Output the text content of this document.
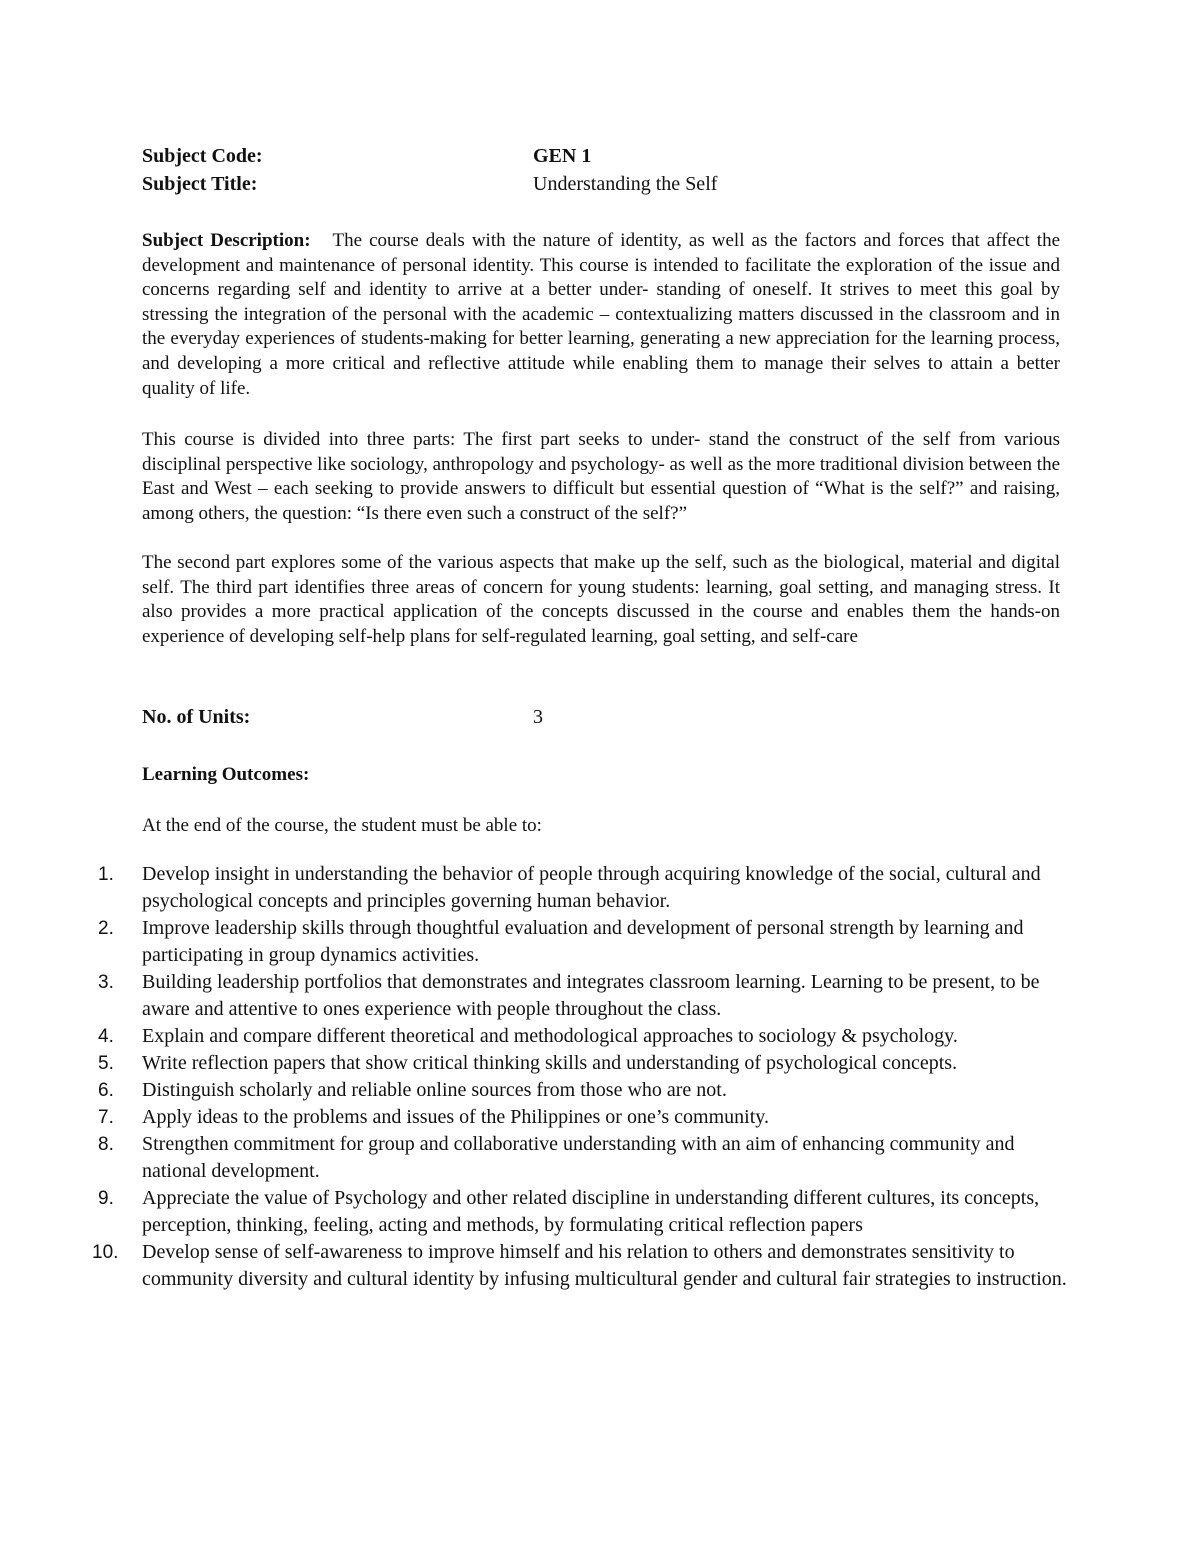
Subject Code:	GEN 1
Subject Title:	Understanding the Self

Subject Description: The course deals with the nature of identity, as well as the factors and forces that affect the development and maintenance of personal identity. This course is intended to facilitate the exploration of the issue and concerns regarding self and identity to arrive at a better under- standing of oneself. It strives to meet this goal by stressing the integration of the personal with the academic – contextualizing matters discussed in the classroom and in the everyday experiences of students-making for better learning, generating a new appreciation for the learning process, and developing a more critical and reflective attitude while enabling them to manage their selves to attain a better quality of life.

This course is divided into three parts: The first part seeks to under- stand the construct of the self from various disciplinal perspective like sociology, anthropology and psychology- as well as the more traditional division between the East and West – each seeking to provide answers to difficult but essential question of “What is the self?” and raising, among others, the question: “Is there even such a construct of the self?”

The second part explores some of the various aspects that make up the self, such as the biological, material and digital self. The third part identifies three areas of concern for young students: learning, goal setting, and managing stress. It also provides a more practical application of the concepts discussed in the course and enables them the hands-on experience of developing self-help plans for self-regulated learning, goal setting, and self-care

No. of Units:	3
Learning Outcomes:
At the end of the course, the student must be able to:
1.	Develop insight in understanding the behavior of people through acquiring knowledge of the social, cultural and psychological concepts and principles governing human behavior.
2.	Improve leadership skills through thoughtful evaluation and development of personal strength by learning and participating in group dynamics activities.
3.	Building leadership portfolios that demonstrates and integrates classroom learning. Learning to be present, to be aware and attentive to ones experience with people throughout the class.
4.	Explain and compare different theoretical and methodological approaches to sociology & psychology.
5.	Write reflection papers that show critical thinking skills and understanding of psychological concepts.
6.	Distinguish scholarly and reliable online sources from those who are not.
7.	Apply ideas to the problems and issues of the Philippines or one’s community.
8.	Strengthen commitment for group and collaborative understanding with an aim of enhancing community and national development.
9.	Appreciate the value of Psychology and other related discipline in understanding different cultures, its concepts, perception, thinking, feeling, acting and methods, by formulating critical reflection papers
10.	Develop sense of self-awareness to improve himself and his relation to others and demonstrates sensitivity to community diversity and cultural identity by infusing multicultural gender and cultural fair strategies to instruction.
